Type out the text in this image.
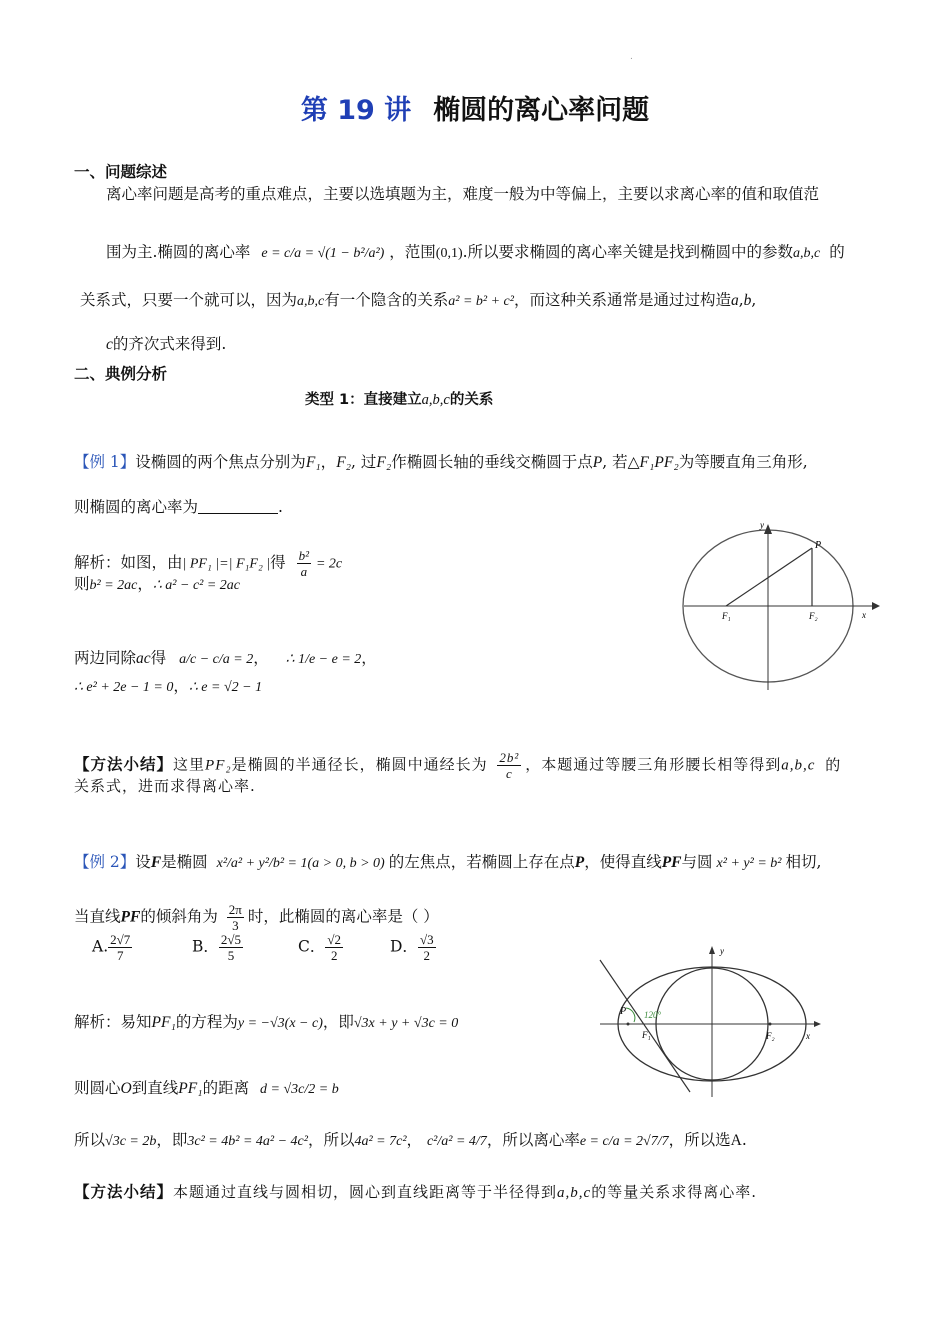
.
第 19 讲 椭圆的离心率问题
一、问题综述
离心率问题是高考的重点难点，主要以选填题为主，难度一般为中等偏上，主要以求离心率的值和取值范
围为主.椭圆的离心率 e = c/a = √(1 − b²/a²) ，范围(0,1).所以要求椭圆的离心率关键是找到椭圆中的参数a,b,c 的
关系式，只要一个就可以，因为a,b,c有一个隐含的关系a² = b² + c²，而这种关系通常是通过过构造a,b,
c的齐次式来得到.
二、典例分析
类型 1：直接建立a,b,c的关系
【例 1】设椭圆的两个焦点分别为F₁，F₂, 过F₂作椭圆长轴的垂线交椭圆于点P, 若△F₁PF₂为等腰直角三角形,
则椭圆的离心率为	.
解析：如图，由| PF₁ |=| F₁F₂ |得 $\frac{\text{b²}}{a} = 2c$
则b² = 2ac，∴ a² − c² = 2ac
两边同除ac得 a/c − c/a = 2， ∴ 1/e − e = 2，
∴ e² + 2e − 1 = 0，∴ e = √2 − 1
y
x
P
F₁	F₂
【方法小结】这里PF₂是椭圆的半通径长，椭圆中通经长为 $\frac{\text{2b²}}{c}$ ，本题通过等腰三角形腰长相等得到a,b,c 的
关系式，进而求得离心率.
【例 2】设F是椭圆 x²/a² + y²/b² = 1(a > 0, b > 0) 的左焦点，若椭圆上存在点P，使得直线PF与圆 x² + y² = b² 相切,
当直线PF的倾斜角为 $\frac{2\pi}{3}$ 时，此椭圆的离心率是（ ）
A. $\frac{2√7}{7}$	B． $\frac{2√5}{5}$	C． $\frac{√2}{2}$	D． $\frac{√3}{2}$
解析：易知PF₁的方程为y = −√3(x − c)，即√3x + y + √3c = 0
则圆心O到直线PF₁的距离 d = √3c/2 = b
所以√3c = 2b，即3c² = 4b² = 4a² − 4c²，所以4a² = 7c²， c²/a² = 4/7，所以离心率e = c/a = 2√7/7，所以选A.
y
x
P 120°
F₁	F₂
【方法小结】本题通过直线与圆相切，圆心到直线距离等于半径得到a,b,c的等量关系求得离心率.
